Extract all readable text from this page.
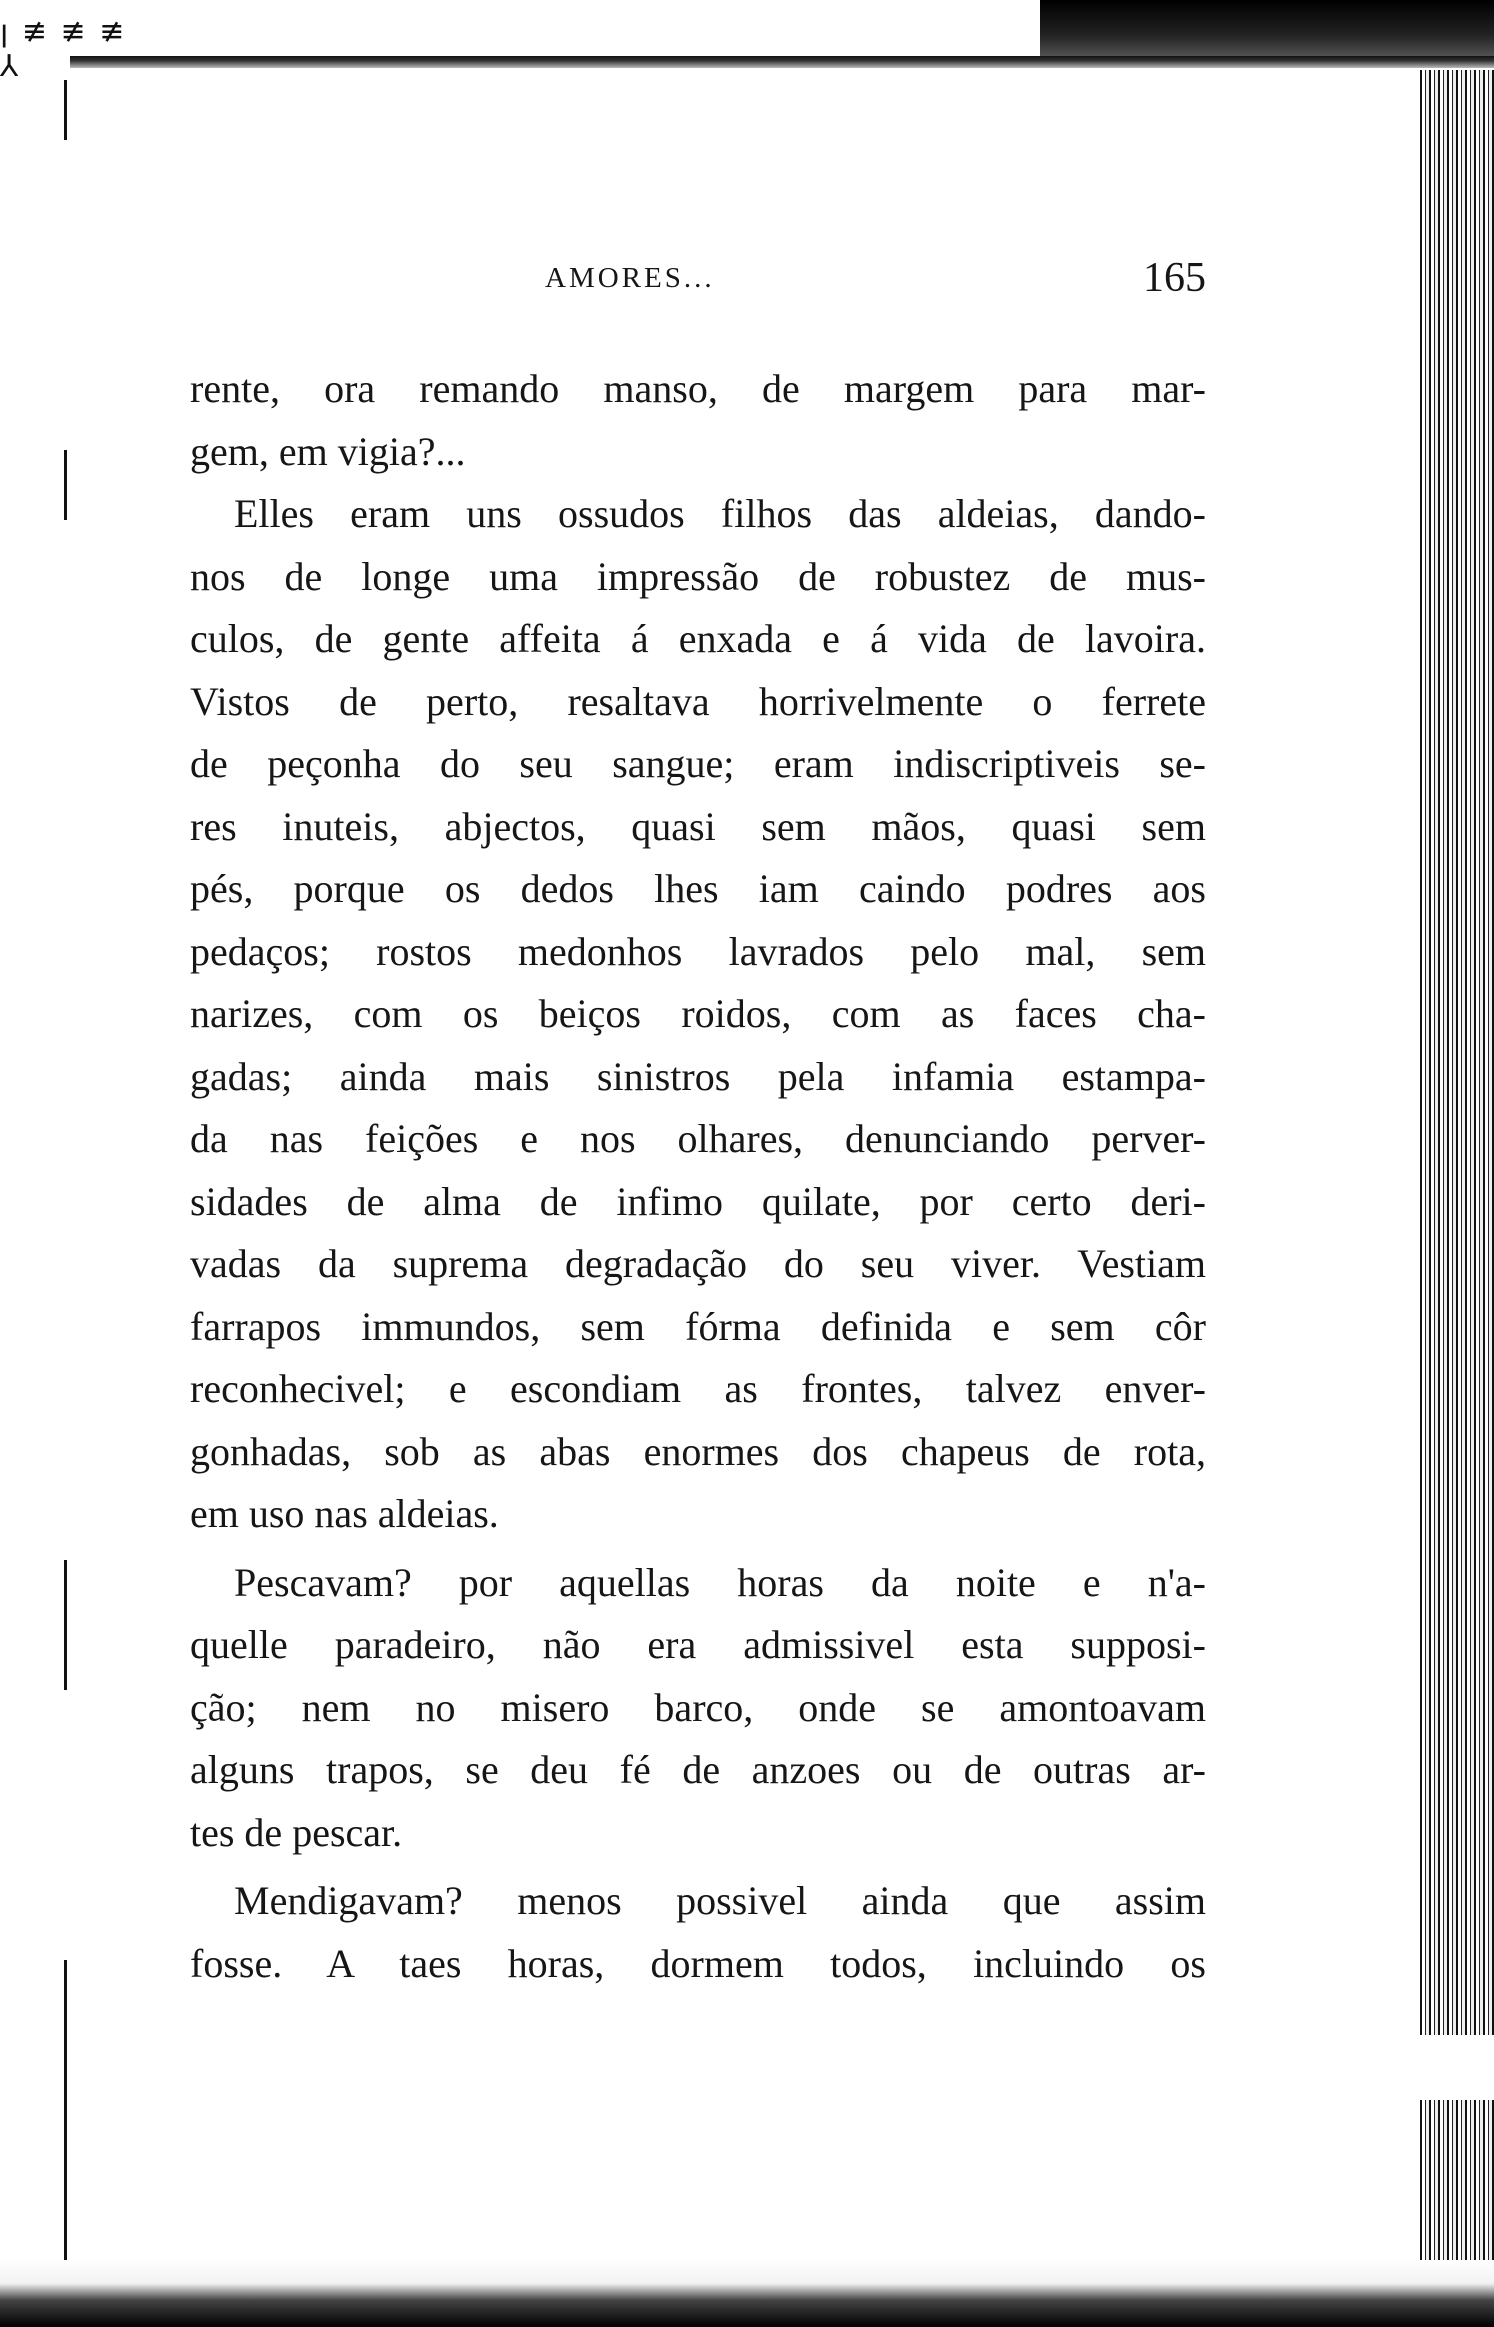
ꞁ ≢ ≢ ≢ ⅄
AMORES...	165
rente, ora remando manso, de margem para mar-
gem, em vigia?...
Elles eram uns ossudos filhos das aldeias, dando-
nos de longe uma impressão de robustez de mus-
culos, de gente affeita á enxada e á vida de lavoira.
Vistos de perto, resaltava horrivelmente o ferrete
de peçonha do seu sangue; eram indiscriptiveis se-
res inuteis, abjectos, quasi sem mãos, quasi sem
pés, porque os dedos lhes iam caindo podres aos
pedaços; rostos medonhos lavrados pelo mal, sem
narizes, com os beiços roidos, com as faces cha-
gadas; ainda mais sinistros pela infamia estampa-
da nas feições e nos olhares, denunciando perver-
sidades de alma de infimo quilate, por certo deri-
vadas da suprema degradação do seu viver. Vestiam
farrapos immundos, sem fórma definida e sem côr
reconhecivel; e escondiam as frontes, talvez enver-
gonhadas, sob as abas enormes dos chapeus de rota,
em uso nas aldeias.
Pescavam? por aquellas horas da noite e n'a-
quelle paradeiro, não era admissivel esta supposi-
ção; nem no misero barco, onde se amontoavam
alguns trapos, se deu fé de anzoes ou de outras ar-
tes de pescar.
Mendigavam? menos possivel ainda que assim
fosse. A taes horas, dormem todos, incluindo os
